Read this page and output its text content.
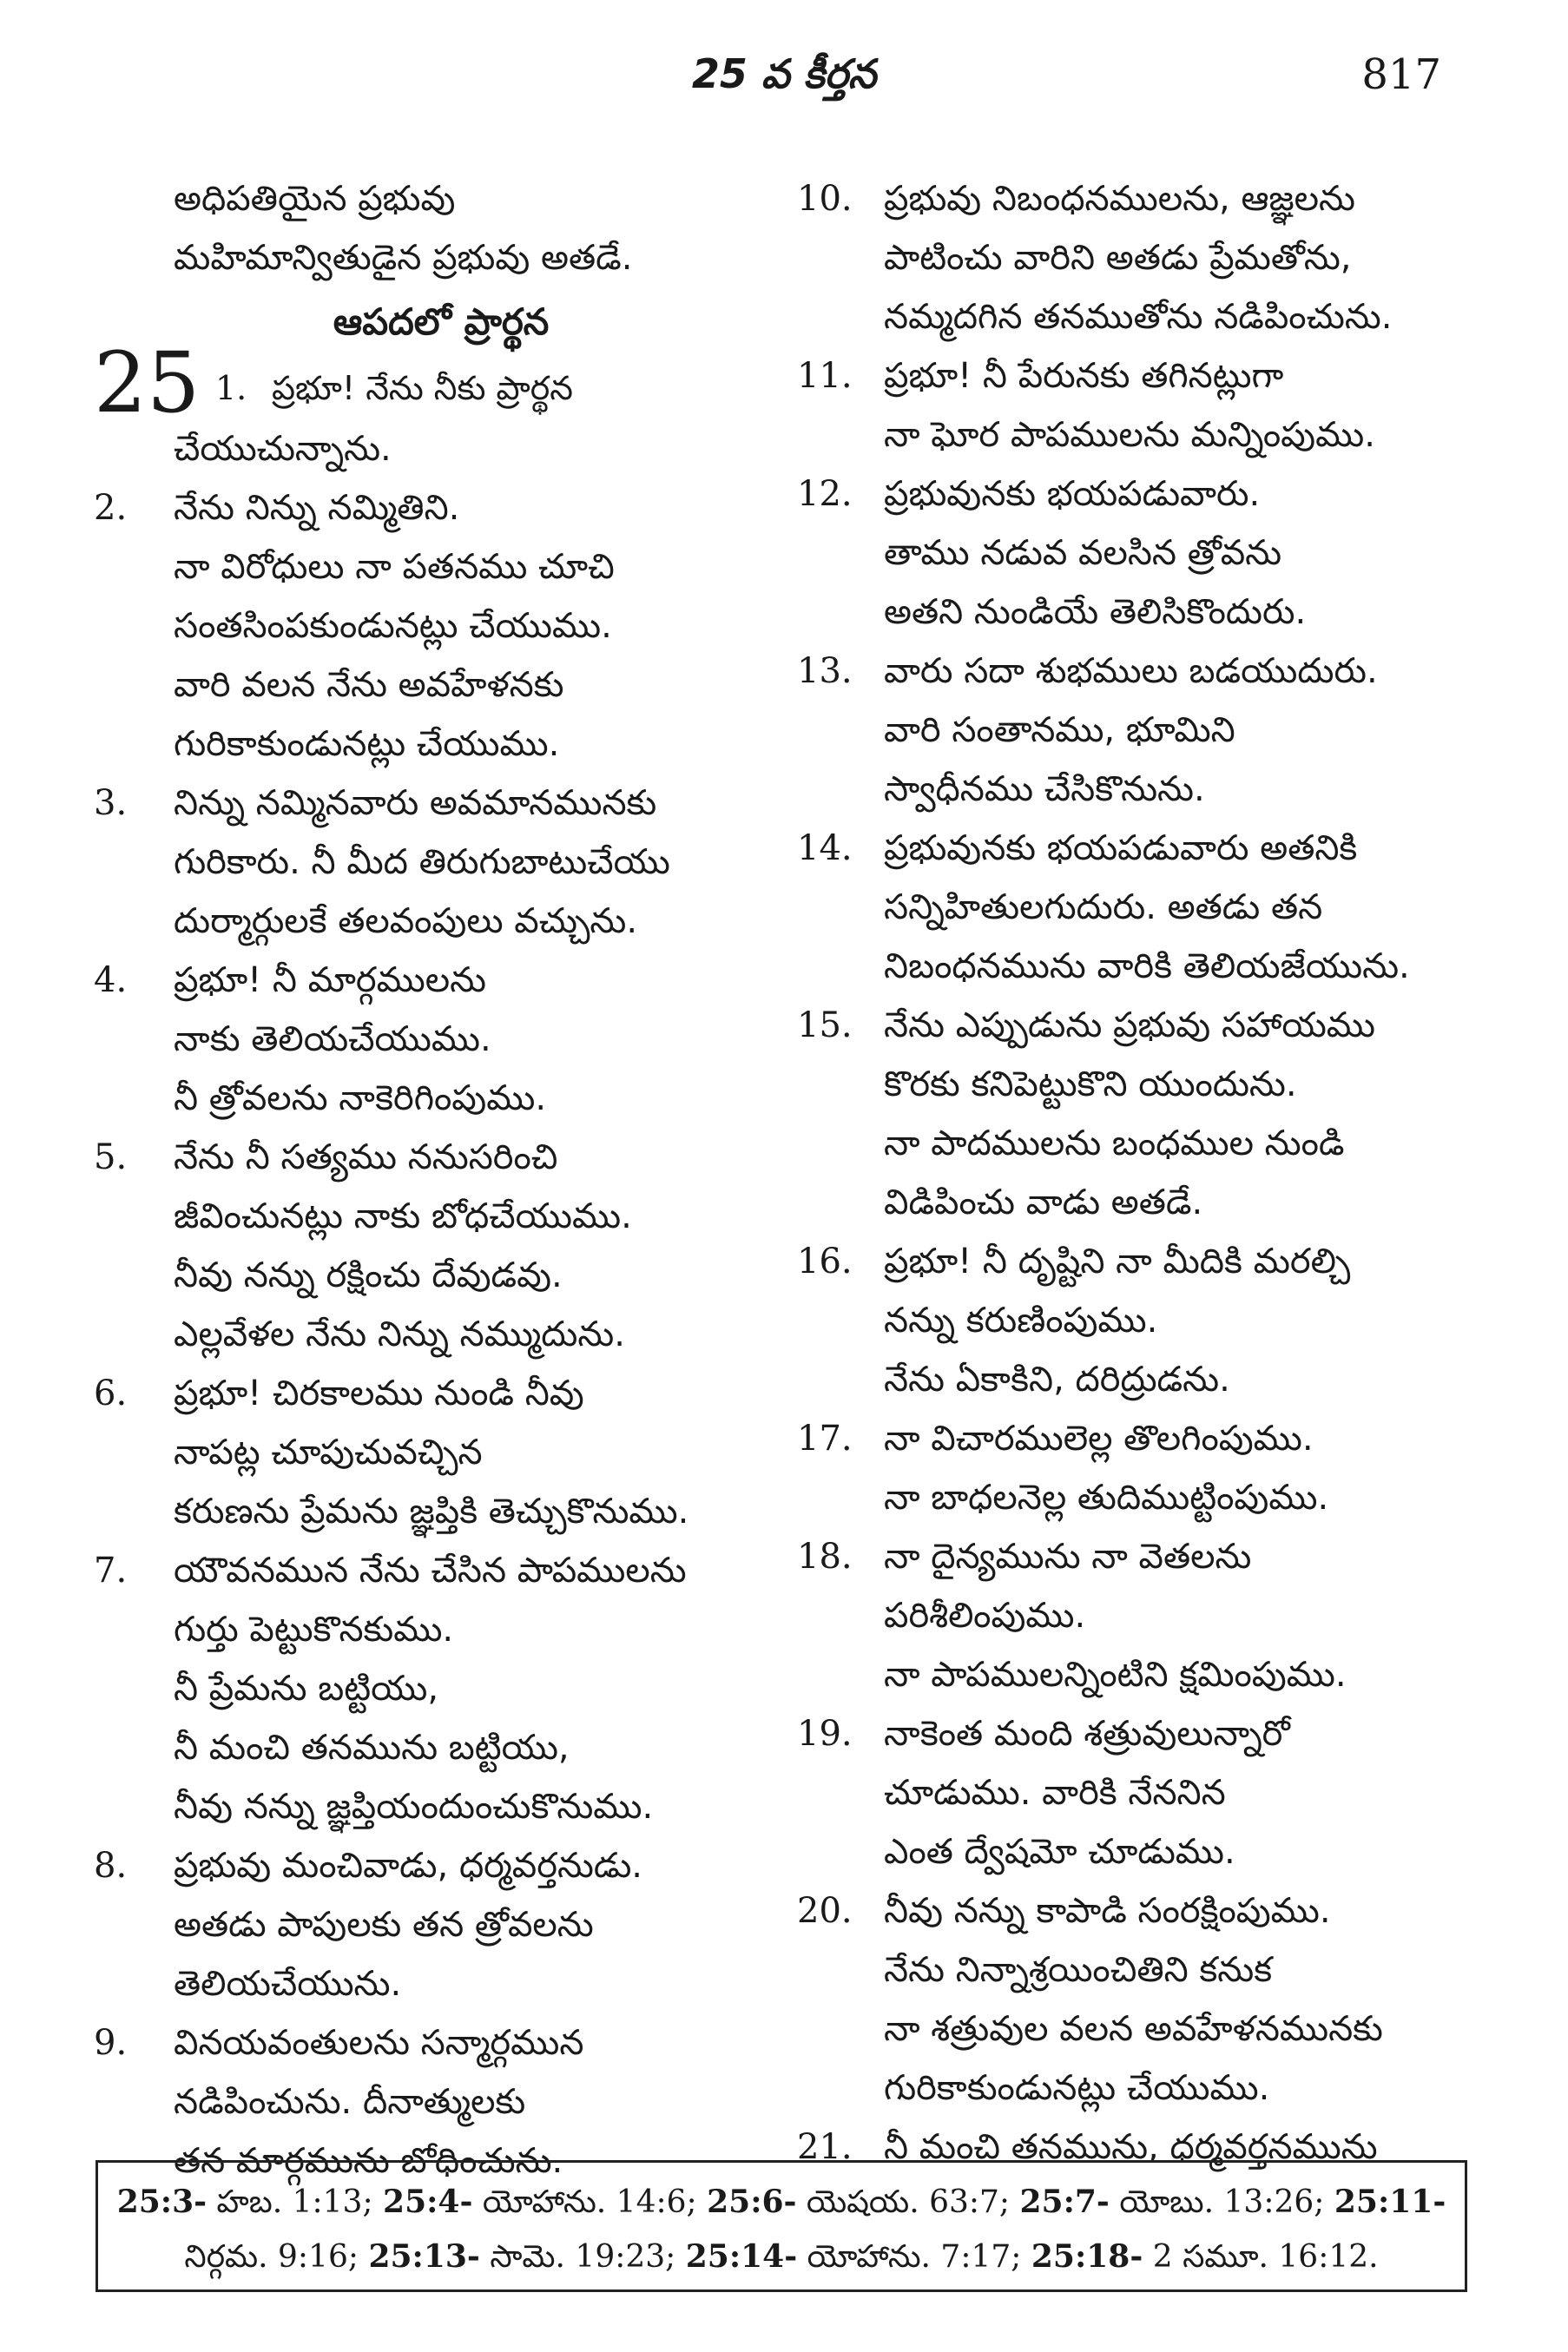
25 వ కీర్తన	817
అధిపతియైన ప్రభువు
మహిమాన్వితుడైన ప్రభువు అతడే.
ఆపదలో ప్రార్థన
25 1. ప్రభూ! నేను నీకు ప్రార్థన
చేయుచున్నాను.
2.	నేను నిన్ను నమ్మితిని.
నా విరోధులు నా పతనము చూచి
సంతసింపకుండునట్లు చేయుము.
వారి వలన నేను అవహేళనకు
గురికాకుండునట్లు చేయుము.
3.	నిన్ను నమ్మినవారు అవమానమునకు
గురికారు. నీ మీద తిరుగుబాటుచేయు
దుర్మార్గులకే తలవంపులు వచ్చును.
4.	ప్రభూ! నీ మార్గములను
నాకు తెలియచేయుము.
నీ త్రోవలను నాకెరిగింపుము.
5.	నేను నీ సత్యము ననుసరించి
జీవించునట్లు నాకు బోధచేయుము.
నీవు నన్ను రక్షించు దేవుడవు.
ఎల్లవేళల నేను నిన్ను నమ్ముదును.
6.	ప్రభూ! చిరకాలము నుండి నీవు
నాపట్ల చూపుచువచ్చిన
కరుణను ప్రేమను జ్ఞప్తికి తెచ్చుకొనుము.
7.	యౌవనమున నేను చేసిన పాపములను
గుర్తు పెట్టుకొనకుము.
నీ ప్రేమను బట్టియు,
నీ మంచి తనమును బట్టియు,
నీవు నన్ను జ్ఞప్తియందుంచుకొనుము.
8.	ప్రభువు మంచివాడు, ధర్మవర్తనుడు.
అతడు పాపులకు తన త్రోవలను
తెలియచేయును.
9.	వినయవంతులను సన్మార్గమున
నడిపించును. దీనాత్ములకు
తన మార్గమును బోధించును.
10. ప్రభువు నిబంధనములను, ఆజ్ఞలను
పాటించు వారిని అతడు ప్రేమతోను,
నమ్మదగిన తనముతోను నడిపించును.
11. ప్రభూ! నీ పేరునకు తగినట్లుగా
నా ఘోర పాపములను మన్నింపుము.
12. ప్రభువునకు భయపడువారు.
తాము నడువ వలసిన త్రోవను
అతని నుండియే తెలిసికొందురు.
13. వారు సదా శుభములు బడయుదురు.
వారి సంతానము, భూమిని
స్వాధీనము చేసికొనును.
14. ప్రభువునకు భయపడువారు అతనికి
సన్నిహితులగుదురు. అతడు తన
నిబంధనమును వారికి తెలియజేయును.
15. నేను ఎప్పుడును ప్రభువు సహాయము
కొరకు కనిపెట్టుకొని యుందును.
నా పాదములను బంధముల నుండి
విడిపించు వాడు అతడే.
16. ప్రభూ! నీ దృష్టిని నా మీదికి మరల్చి
నన్ను కరుణింపుము.
నేను ఏకాకిని, దరిద్రుడను.
17. నా విచారములెల్ల తొలగింపుము.
నా బాధలనెల్ల తుదిముట్టింపుము.
18. నా దైన్యమును నా వెతలను
పరిశీలింపుము.
నా పాపములన్నింటిని క్షమింపుము.
19. నాకెంత మంది శత్రువులున్నారో
చూడుము. వారికి నేననిన
ఎంత ద్వేషమో చూడుము.
20. నీవు నన్ను కాపాడి సంరక్షింపుము.
నేను నిన్నాశ్రయించితిని కనుక
నా శత్రువుల వలన అవహేళనమునకు
గురికాకుండునట్లు చేయుము.
21. నీ మంచి తనమును, ధర్మవర్తనమును
25:3- హబ. 1:13; 25:4- యోహాను. 14:6; 25:6- యెషయ. 63:7; 25:7- యోబు. 13:26; 25:11-
నిర్గమ. 9:16; 25:13- సామె. 19:23; 25:14- యోహాను. 7:17; 25:18- 2 సమూ. 16:12.
